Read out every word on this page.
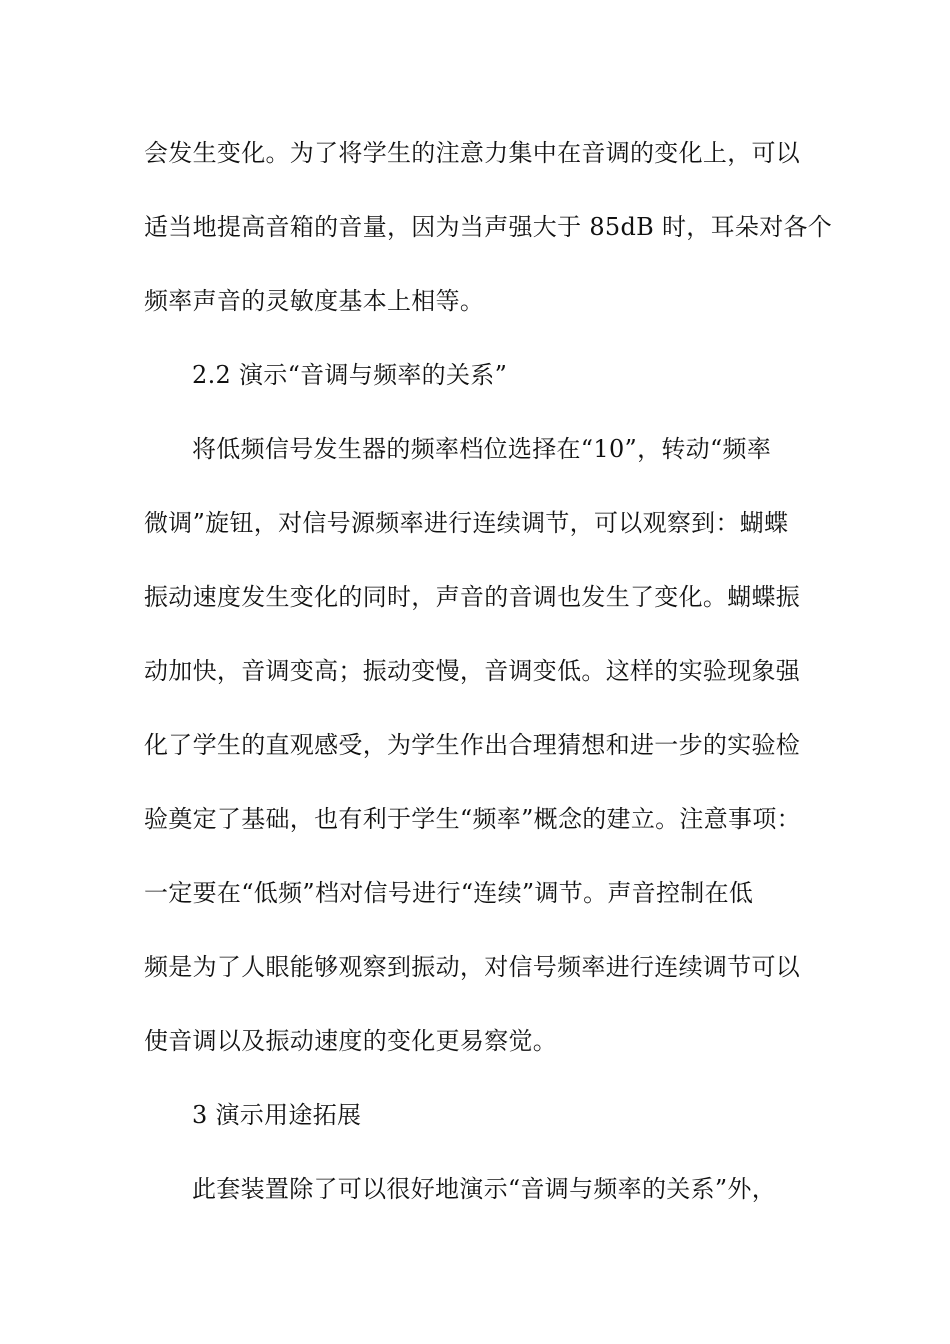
会发生变化。为了将学生的注意力集中在音调的变化上，可以
适当地提高音箱的音量，因为当声强大于 85dB 时，耳朵对各个
频率声音的灵敏度基本上相等。
2.2 演示“音调与频率的关系”
将低频信号发生器的频率档位选择在“10”，转动“频率
微调”旋钮，对信号源频率进行连续调节，可以观察到：蝴蝶
振动速度发生变化的同时，声音的音调也发生了变化。蝴蝶振
动加快，音调变高；振动变慢，音调变低。这样的实验现象强
化了学生的直观感受，为学生作出合理猜想和进一步的实验检
验奠定了基础，也有利于学生“频率”概念的建立。注意事项：
一定要在“低频”档对信号进行“连续”调节。声音控制在低
频是为了人眼能够观察到振动，对信号频率进行连续调节可以
使音调以及振动速度的变化更易察觉。
3 演示用途拓展
此套装置除了可以很好地演示“音调与频率的关系”外，
